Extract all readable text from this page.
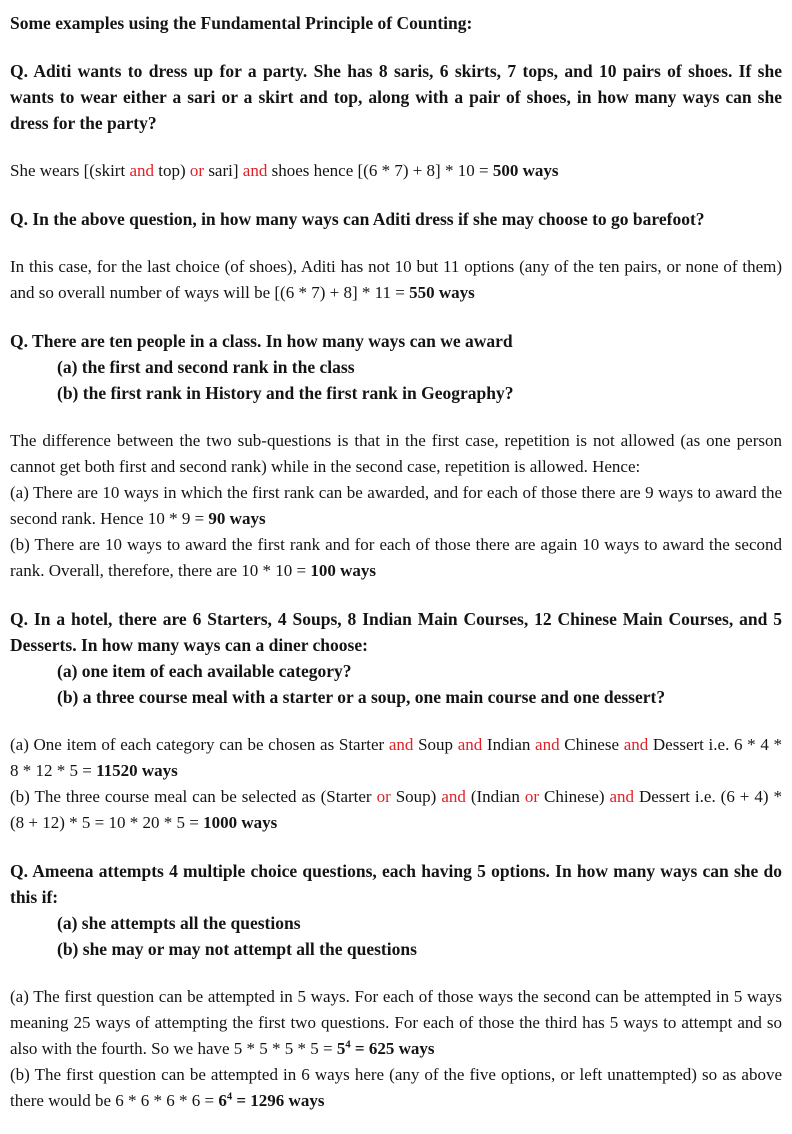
Some examples using the Fundamental Principle of Counting:

Q. Aditi wants to dress up for a party. She has 8 saris, 6 skirts, 7 tops, and 10 pairs of shoes. If she wants to wear either a sari or a skirt and top, along with a pair of shoes, in how many ways can she dress for the party?

She wears [(skirt and top) or sari] and shoes hence [(6 * 7) + 8] * 10 = 500 ways

Q. In the above question, in how many ways can Aditi dress if she may choose to go barefoot?

In this case, for the last choice (of shoes), Aditi has not 10 but 11 options (any of the ten pairs, or none of them) and so overall number of ways will be [(6 * 7) + 8] * 11 = 550 ways

Q. There are ten people in a class. In how many ways can we award

(a) the first and second rank in the class

(b) the first rank in History and the first rank in Geography?

The difference between the two sub-questions is that in the first case, repetition is not allowed (as one person cannot get both first and second rank) while in the second case, repetition is allowed. Hence:

(a) There are 10 ways in which the first rank can be awarded, and for each of those there are 9 ways to award the second rank. Hence 10 * 9 = 90 ways

(b) There are 10 ways to award the first rank and for each of those there are again 10 ways to award the second rank. Overall, therefore, there are 10 * 10 = 100 ways

Q. In a hotel, there are 6 Starters, 4 Soups, 8 Indian Main Courses, 12 Chinese Main Courses, and 5 Desserts. In how many ways can a diner choose:

(a) one item of each available category?

(b) a three course meal with a starter or a soup, one main course and one dessert?

(a) One item of each category can be chosen as Starter and Soup and Indian and Chinese and Dessert i.e. 6 * 4 * 8 * 12 * 5 = 11520 ways

(b) The three course meal can be selected as (Starter or Soup) and (Indian or Chinese) and Dessert i.e. (6 + 4) * (8 + 12) * 5 = 10 * 20 * 5 = 1000 ways

Q. Ameena attempts 4 multiple choice questions, each having 5 options. In how many ways can she do this if:

(a) she attempts all the questions

(b) she may or may not attempt all the questions

(a) The first question can be attempted in 5 ways. For each of those ways the second can be attempted in 5 ways meaning 25 ways of attempting the first two questions. For each of those the third has 5 ways to attempt and so also with the fourth. So we have $5 * 5 * 5 * 5 = 5^4 = 625$ ways

(b) The first question can be attempted in 6 ways here (any of the five options, or left unattempted) so as above there would be $6 * 6 * 6 * 6 = 6^4 = 1296$ ways
